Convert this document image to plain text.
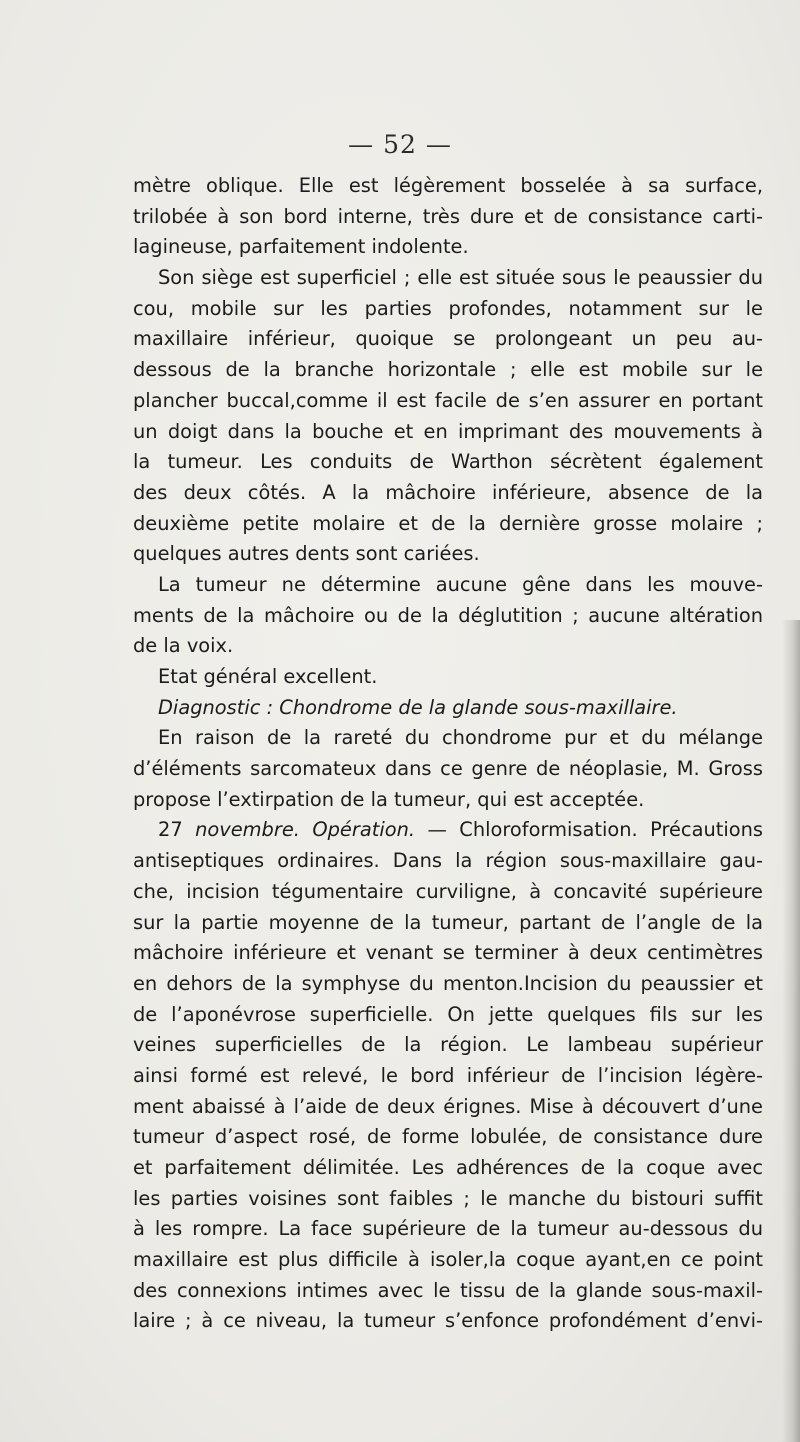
— 52 —
mètre oblique. Elle est légèrement bosselée à sa surface,
trilobée à son bord interne, très dure et de consistance carti-
lagineuse, parfaitement indolente.
Son siège est superficiel ; elle est située sous le peaussier du
cou, mobile sur les parties profondes, notamment sur le
maxillaire inférieur, quoique se prolongeant un peu au-
dessous de la branche horizontale ; elle est mobile sur le
plancher buccal,comme il est facile de s’en assurer en portant
un doigt dans la bouche et en imprimant des mouvements à
la tumeur. Les conduits de Warthon sécrètent également
des deux côtés. A la mâchoire inférieure, absence de la
deuxième petite molaire et de la dernière grosse molaire ;
quelques autres dents sont cariées.
La tumeur ne détermine aucune gêne dans les mouve-
ments de la mâchoire ou de la déglutition ; aucune altération
de la voix.
Etat général excellent.
Diagnostic : Chondrome de la glande sous-maxillaire.
En raison de la rareté du chondrome pur et du mélange
d’éléments sarcomateux dans ce genre de néoplasie, M. Gross
propose l’extirpation de la tumeur, qui est acceptée.
27 novembre. Opération. — Chloroformisation. Précautions
antiseptiques ordinaires. Dans la région sous-maxillaire gau-
che, incision tégumentaire curviligne, à concavité supérieure
sur la partie moyenne de la tumeur, partant de l’angle de la
mâchoire inférieure et venant se terminer à deux centimètres
en dehors de la symphyse du menton.Incision du peaussier et
de l’aponévrose superficielle. On jette quelques fils sur les
veines superficielles de la région. Le lambeau supérieur
ainsi formé est relevé, le bord inférieur de l’incision légère-
ment abaissé à l’aide de deux érignes. Mise à découvert d’une
tumeur d’aspect rosé, de forme lobulée, de consistance dure
et parfaitement délimitée. Les adhérences de la coque avec
les parties voisines sont faibles ; le manche du bistouri suffit
à les rompre. La face supérieure de la tumeur au-dessous du
maxillaire est plus difficile à isoler,la coque ayant,en ce point
des connexions intimes avec le tissu de la glande sous-maxil-
laire ; à ce niveau, la tumeur s’enfonce profondément d’envi-
